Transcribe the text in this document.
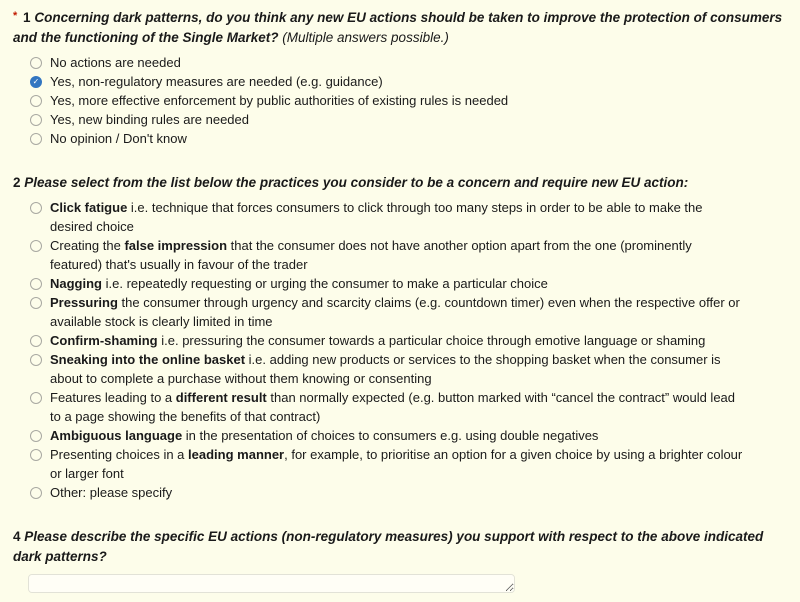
* 1 Concerning dark patterns, do you think any new EU actions should be taken to improve the protection of consumers and the functioning of the Single Market? (Multiple answers possible.)
No actions are needed
✓ Yes, non-regulatory measures are needed (e.g. guidance)
Yes, more effective enforcement by public authorities of existing rules is needed
Yes, new binding rules are needed
No opinion / Don't know
2 Please select from the list below the practices you consider to be a concern and require new EU action:
Click fatigue i.e. technique that forces consumers to click through too many steps in order to be able to make the desired choice
Creating the false impression that the consumer does not have another option apart from the one (prominently featured) that's usually in favour of the trader
Nagging i.e. repeatedly requesting or urging the consumer to make a particular choice
Pressuring the consumer through urgency and scarcity claims (e.g. countdown timer) even when the respective offer or available stock is clearly limited in time
Confirm-shaming i.e. pressuring the consumer towards a particular choice through emotive language or shaming
Sneaking into the online basket i.e. adding new products or services to the shopping basket when the consumer is about to complete a purchase without them knowing or consenting
Features leading to a different result than normally expected (e.g. button marked with “cancel the contract” would lead to a page showing the benefits of that contract)
Ambiguous language in the presentation of choices to consumers e.g. using double negatives
Presenting choices in a leading manner, for example, to prioritise an option for a given choice by using a brighter colour or larger font
Other: please specify
4 Please describe the specific EU actions (non-regulatory measures) you support with respect to the above indicated dark patterns?
